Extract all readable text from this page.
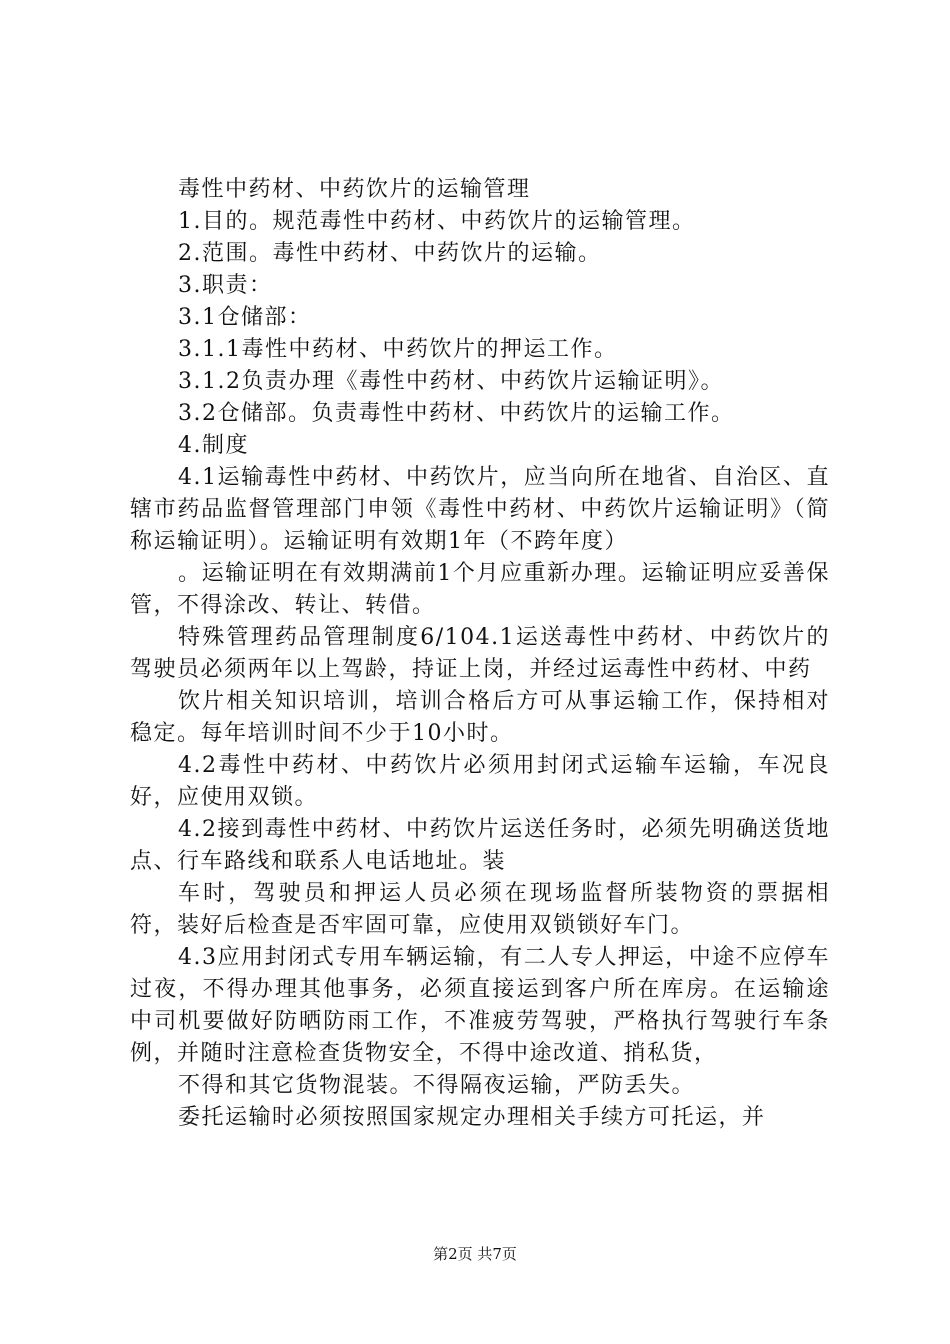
毒性中药材、中药饮片的运输管理

1.目的。规范毒性中药材、中药饮片的运输管理。

2.范围。毒性中药材、中药饮片的运输。

3.职责：

3.1仓储部：

3.1.1毒性中药材、中药饮片的押运工作。

3.1.2负责办理《毒性中药材、中药饮片运输证明》。

3.2仓储部。负责毒性中药材、中药饮片的运输工作。

4.制度

4.1运输毒性中药材、中药饮片，应当向所在地省、自治区、直辖市药品监督管理部门申领《毒性中药材、中药饮片运输证明》（简称运输证明）。运输证明有效期1年（不跨年度）

。运输证明在有效期满前1个月应重新办理。运输证明应妥善保管，不得涂改、转让、转借。

特殊管理药品管理制度6/104.1运送毒性中药材、中药饮片的驾驶员必须两年以上驾龄，持证上岗，并经过运毒性中药材、中药

饮片相关知识培训，培训合格后方可从事运输工作，保持相对稳定。每年培训时间不少于10小时。

4.2毒性中药材、中药饮片必须用封闭式运输车运输，车况良好，应使用双锁。

4.2接到毒性中药材、中药饮片运送任务时，必须先明确送货地点、行车路线和联系人电话地址。装

车时，驾驶员和押运人员必须在现场监督所装物资的票据相符，装好后检查是否牢固可靠，应使用双锁锁好车门。

4.3应用封闭式专用车辆运输，有二人专人押运，中途不应停车过夜，不得办理其他事务，必须直接运到客户所在库房。在运输途中司机要做好防晒防雨工作，不准疲劳驾驶，严格执行驾驶行车条例，并随时注意检查货物安全，不得中途改道、捎私货，

不得和其它货物混装。不得隔夜运输，严防丢失。

委托运输时必须按照国家规定办理相关手续方可托运，并

第2页 共7页
